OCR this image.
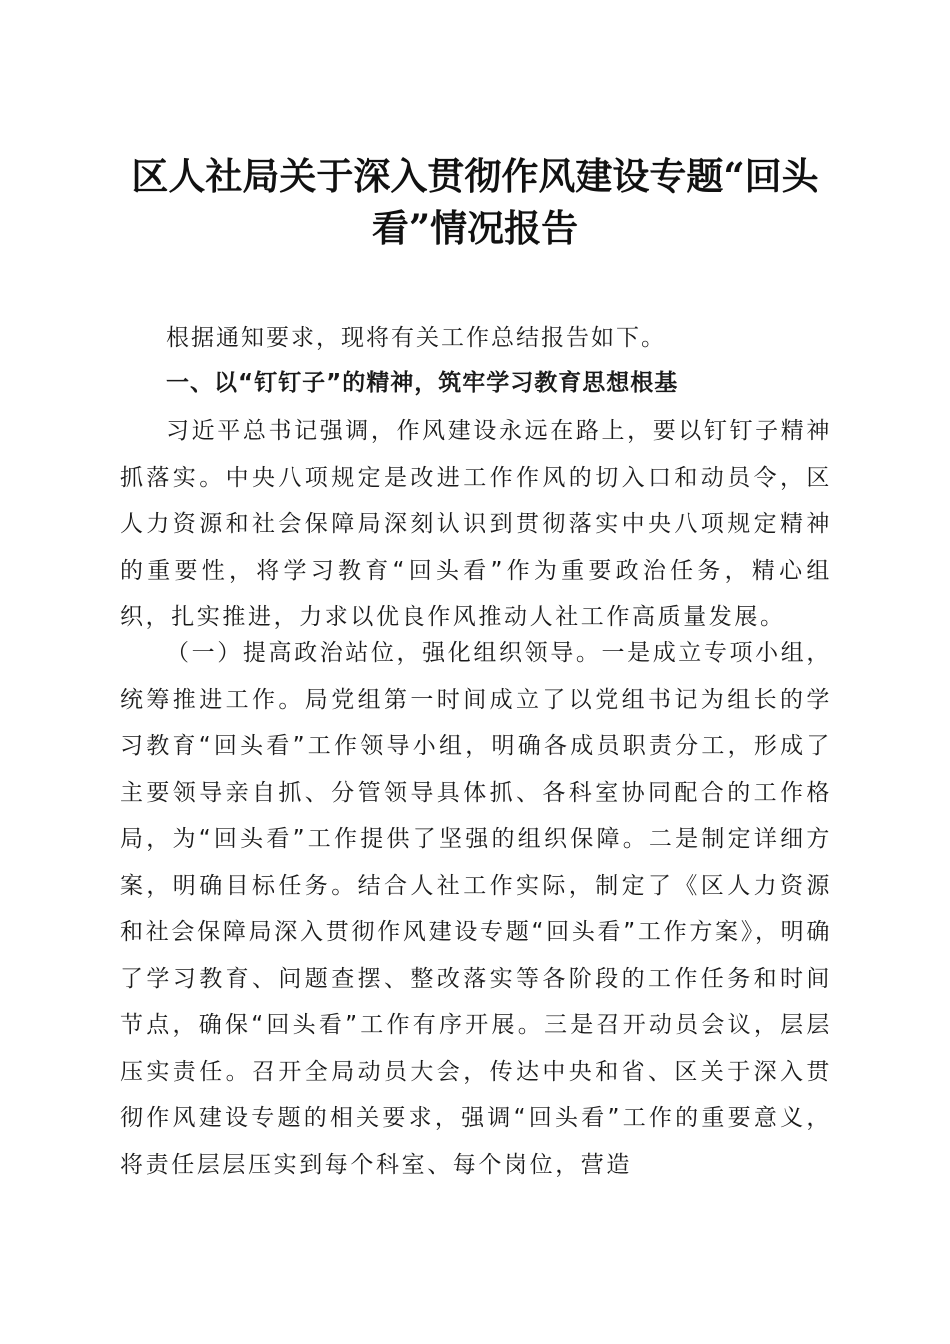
区人社局关于深入贯彻作风建设专题“回头
看”情况报告

根据通知要求，现将有关工作总结报告如下。

一、以“钉钉子”的精神，筑牢学习教育思想根基

习近平总书记强调，作风建设永远在路上，要以钉钉子精神抓落实。中央八项规定是改进工作作风的切入口和动员令，区人力资源和社会保障局深刻认识到贯彻落实中央八项规定精神的重要性，将学习教育“回头看”作为重要政治任务，精心组织，扎实推进，力求以优良作风推动人社工作高质量发展。

（一）提高政治站位，强化组织领导。一是成立专项小组，统筹推进工作。局党组第一时间成立了以党组书记为组长的学习教育“回头看”工作领导小组，明确各成员职责分工，形成了主要领导亲自抓、分管领导具体抓、各科室协同配合的工作格局，为“回头看”工作提供了坚强的组织保障。二是制定详细方案，明确目标任务。结合人社工作实际，制定了《区人力资源和社会保障局深入贯彻作风建设专题“回头看”工作方案》，明确了学习教育、问题查摆、整改落实等各阶段的工作任务和时间节点，确保“回头看”工作有序开展。三是召开动员会议，层层压实责任。召开全局动员大会，传达中央和省、区关于深入贯彻作风建设专题的相关要求，强调“回头看”工作的重要意义，将责任层层压实到每个科室、每个岗位，营造
